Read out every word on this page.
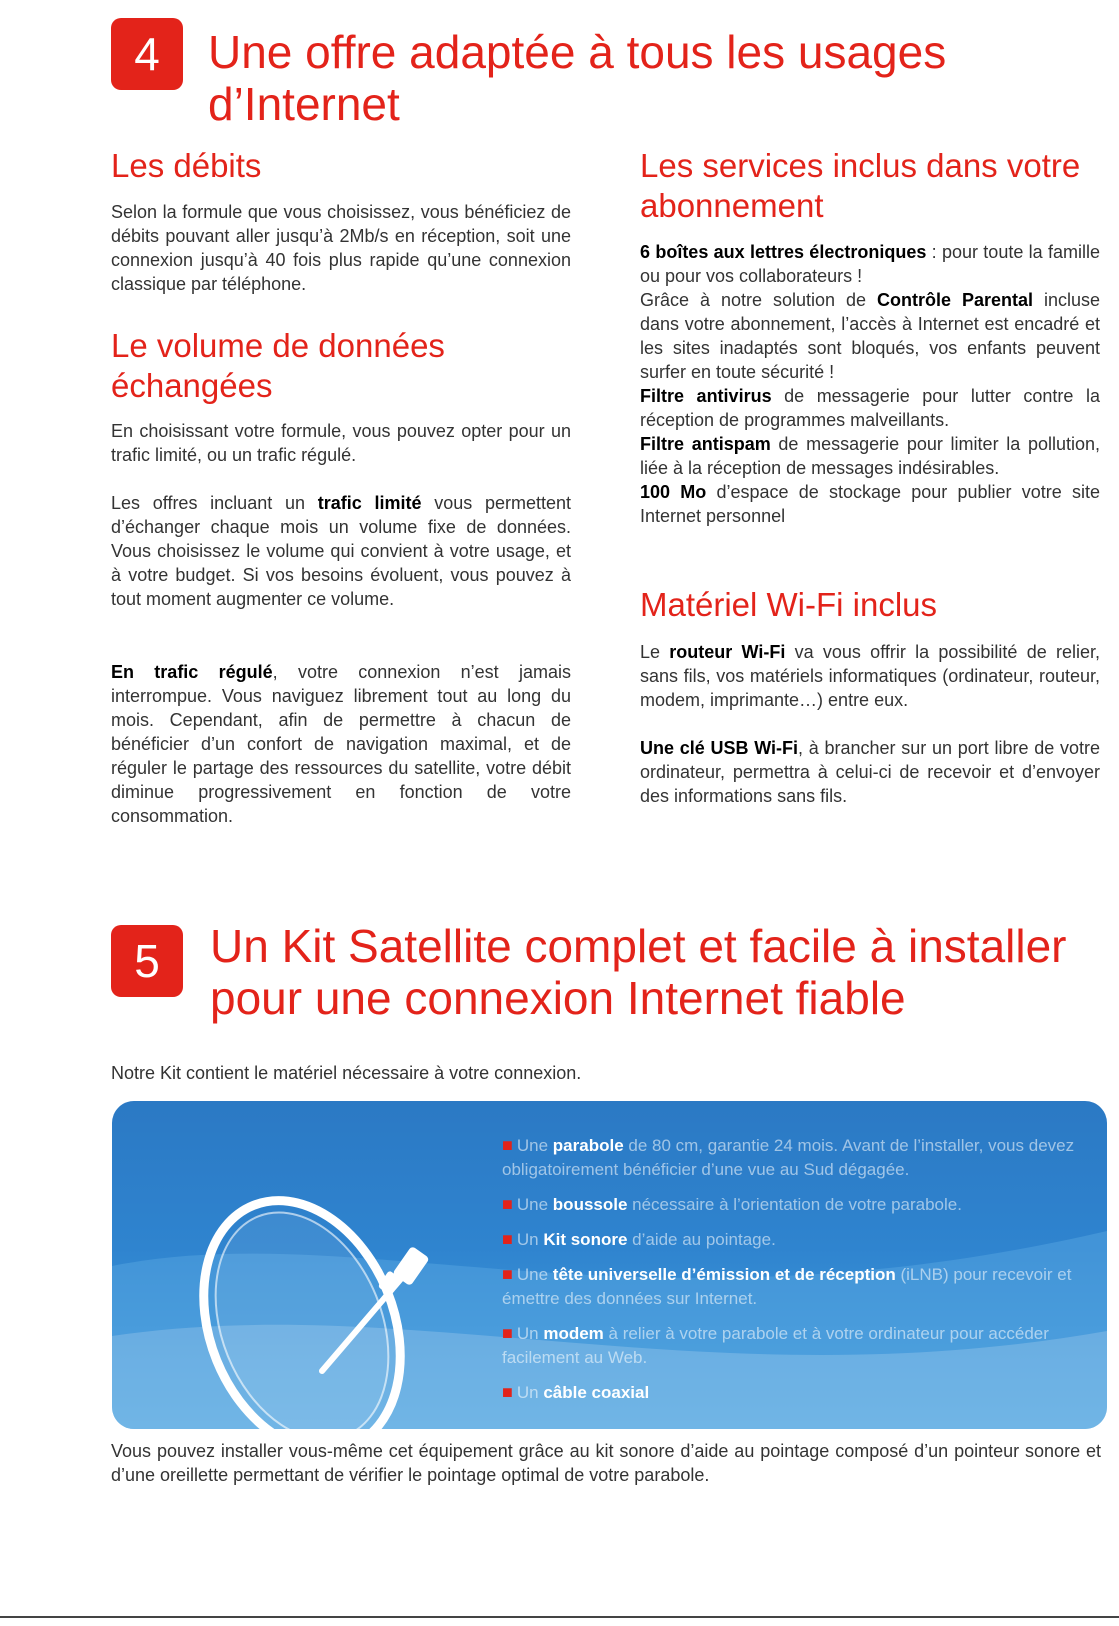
4	Une offre adaptée à tous les usages d’Internet
Les débits

Selon la formule que vous choisissez, vous bénéficiez de débits pouvant aller jusqu’à 2Mb/s en réception, soit une connexion jusqu’à 40 fois plus rapide qu’une connexion classique par téléphone.

Le volume de données échangées

En choisissant votre formule, vous pouvez opter pour un trafic limité, ou un trafic régulé.

Les offres incluant un trafic limité vous permettent d’échanger chaque mois un volume fixe de données. Vous choisissez le volume qui convient à votre usage, et à votre budget. Si vos besoins évoluent, vous pouvez à tout moment augmenter ce volume.

En trafic régulé, votre connexion n’est jamais interrompue. Vous naviguez librement tout au long du mois. Cependant, afin de permettre à chacun de bénéficier d’un confort de navigation maximal, et de réguler le partage des ressources du satellite, votre débit diminue progressivement en fonction de votre consommation.

Les services inclus dans votre abonnement

6 boîtes aux lettres électroniques : pour toute la famille ou pour vos collaborateurs !

Grâce à notre solution de Contrôle Parental incluse dans votre abonnement, l’accès à Internet est encadré et les sites inadaptés sont bloqués, vos enfants peuvent surfer en toute sécurité !

Filtre antivirus de messagerie pour lutter contre la réception de programmes malveillants.

Filtre antispam de messagerie pour limiter la pollution, liée à la réception de messages indésirables.

100 Mo d’espace de stockage pour publier votre site Internet personnel

Matériel Wi-Fi inclus

Le routeur Wi-Fi va vous offrir la possibilité de relier, sans fils, vos matériels informatiques (ordinateur, routeur, modem, imprimante…) entre eux.

Une clé USB Wi-Fi, à brancher sur un port libre de votre ordinateur, permettra à celui-ci de recevoir et d’envoyer des informations sans fils.

5	Un Kit Satellite complet et facile à installer pour une connexion Internet fiable

Notre Kit contient le matériel nécessaire à votre connexion.

■ Une parabole de 80 cm, garantie 24 mois. Avant de l’installer, vous devez obligatoirement bénéficier d’une vue au Sud dégagée.

■ Une boussole nécessaire à l’orientation de votre parabole.

■ Un Kit sonore d’aide au pointage.

■ Une tête universelle d’émission et de réception (iLNB) pour recevoir et émettre des données sur Internet.

■ Un modem à relier à votre parabole et à votre ordinateur pour accéder facilement au Web.

■ Un câble coaxial

Vous pouvez installer vous-même cet équipement grâce au kit sonore d’aide au pointage composé d’un pointeur sonore et d’une oreillette permettant de vérifier le pointage optimal de votre parabole.
